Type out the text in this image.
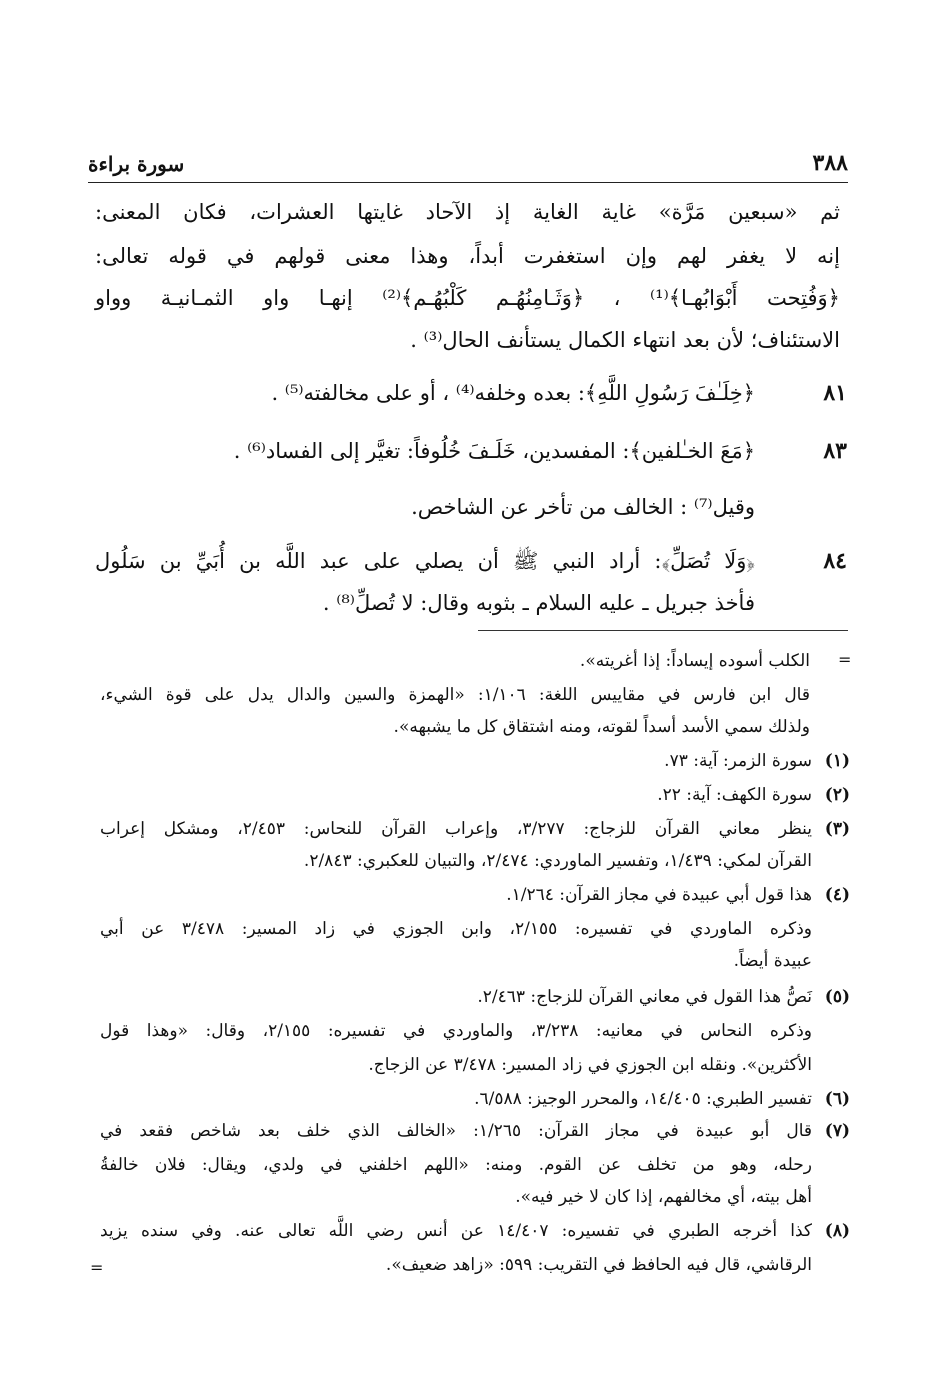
٣٨٨
سورة براءة
ثم «سبعين مَرَّة» غاية الغاية إذ الآحاد غايتها العشرات، فكان المعنى:
إنه لا يغفر لهم وإن استغفرت أبداً، وهذا معنى قولهم في قوله تعالى:
﴿وَفُتِحت أَبْوَابُهـا﴾⁽¹⁾ ، ﴿وَثَـامِنُهُـم كَلْبُهُـم﴾⁽²⁾ إنهـا واو الثمـانيـة وواو
الاستئناف؛ لأن بعد انتهاء الكمال يستأنف الحال⁽³⁾ .
٨١
﴿خِلَـٰفَ رَسُولِ اللَّهِ﴾: بعده وخلفه⁽⁴⁾ ، أو على مخالفته⁽⁵⁾ .
٨٣
﴿مَعَ الخـٰلفين﴾: المفسدين، خَلَـفَ خُلُوفاً: تغيَّر إلى الفساد⁽⁶⁾ .
وقيل⁽⁷⁾ : الخالف من تأخر عن الشاخص.
٨٤
﴿وَلَا تُصَلِّ﴾: أراد النبي ﷺ أن يصلي على عبد اللَّه بن أُبَيِّ بن سَلُول
فأخذ جبريل ـ عليه السلام ـ بثوبه وقال: لا تُصلِّ⁽⁸⁾ .
=
الكلب أسوده إيساداً: إذا أغريته».
قال ابن فارس في مقاييس اللغة: ١/١٠٦: «الهمزة والسين والدال يدل على قوة الشيء،
ولذلك سمي الأسد أسداً لقوته، ومنه اشتقاق كل ما يشبهه».
(١)
سورة الزمر: آية: ٧٣.
(٢)
سورة الكهف: آية: ٢٢.
(٣)
ينظر معاني القرآن للزجاج: ٣/٢٧٧، وإعراب القرآن للنحاس: ٢/٤٥٣، ومشكل إعراب
القرآن لمكي: ١/٤٣٩، وتفسير الماوردي: ٢/٤٧٤، والتبيان للعكبري: ٢/٨٤٣.
(٤)
هذا قول أبي عبيدة في مجاز القرآن: ١/٢٦٤.
وذكره الماوردي في تفسيره: ٢/١٥٥، وابن الجوزي في زاد المسير: ٣/٤٧٨ عن أبي
عبيدة أيضاً.
(٥)
نَصُّ هذا القول في معاني القرآن للزجاج: ٢/٤٦٣.
وذكره النحاس في معانيه: ٣/٢٣٨، والماوردي في تفسيره: ٢/١٥٥، وقال: «وهذا قول
الأكثرين». ونقله ابن الجوزي في زاد المسير: ٣/٤٧٨ عن الزجاج.
(٦)
تفسير الطبري: ١٤/٤٠٥، والمحرر الوجيز: ٦/٥٨٨.
(٧)
قال أبو عبيدة في مجاز القرآن: ١/٢٦٥: «الخالف الذي خلف بعد شاخص فقعد في
رحله، وهو من تخلف عن القوم. ومنه: «اللهم اخلفني في ولدي، ويقال: فلان خالفةُ
أهل بيته، أي مخالفهم، إذا كان لا خير فيه».
(٨)
كذا أخرجه الطبري في تفسيره: ١٤/٤٠٧ عن أنس رضي اللَّه تعالى عنه. وفي سنده يزيد
الرقاشي، قال فيه الحافظ في التقريب: ٥٩٩: «زاهد ضعيف».
=
